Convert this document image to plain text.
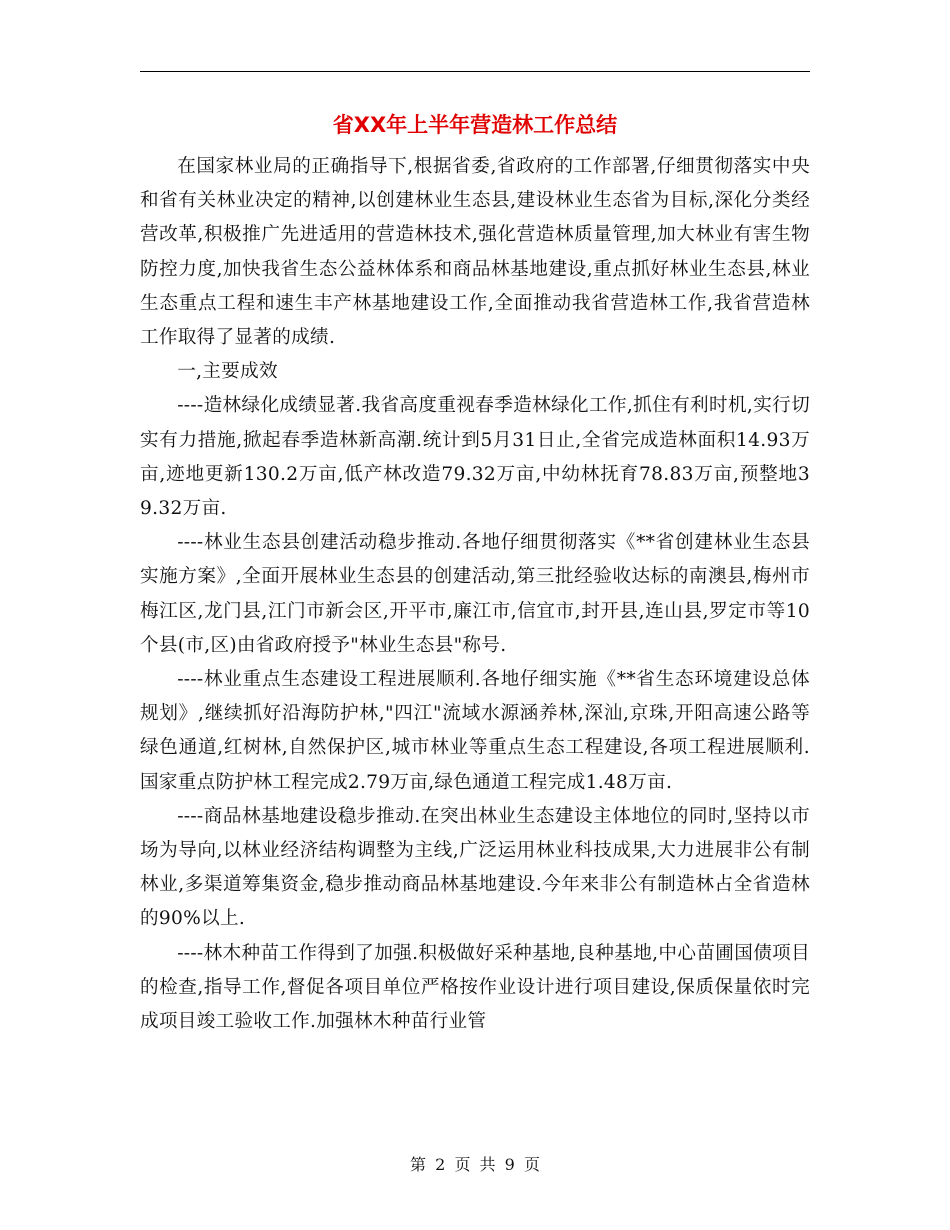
省XX年上半年营造林工作总结

在国家林业局的正确指导下,根据省委,省政府的工作部署,仔细贯彻落实中央和省有关林业决定的精神,以创建林业生态县,建设林业生态省为目标,深化分类经营改革,积极推广先进适用的营造林技术,强化营造林质量管理,加大林业有害生物防控力度,加快我省生态公益林体系和商品林基地建设,重点抓好林业生态县,林业生态重点工程和速生丰产林基地建设工作,全面推动我省营造林工作,我省营造林工作取得了显著的成绩.

一,主要成效

----造林绿化成绩显著.我省高度重视春季造林绿化工作,抓住有利时机,实行切实有力措施,掀起春季造林新高潮.统计到5月31日止,全省完成造林面积14.93万亩,迹地更新130.2万亩,低产林改造79.32万亩,中幼林抚育78.83万亩,预整地39.32万亩.

----林业生态县创建活动稳步推动.各地仔细贯彻落实《**省创建林业生态县实施方案》,全面开展林业生态县的创建活动,第三批经验收达标的南澳县,梅州市梅江区,龙门县,江门市新会区,开平市,廉江市,信宜市,封开县,连山县,罗定市等10个县(市,区)由省政府授予"林业生态县"称号.

----林业重点生态建设工程进展顺利.各地仔细实施《**省生态环境建设总体规划》,继续抓好沿海防护林,"四江"流域水源涵养林,深汕,京珠,开阳高速公路等绿色通道,红树林,自然保护区,城市林业等重点生态工程建设,各项工程进展顺利.国家重点防护林工程完成2.79万亩,绿色通道工程完成1.48万亩.

----商品林基地建设稳步推动.在突出林业生态建设主体地位的同时,坚持以市场为导向,以林业经济结构调整为主线,广泛运用林业科技成果,大力进展非公有制林业,多渠道筹集资金,稳步推动商品林基地建设.今年来非公有制造林占全省造林的90%以上.

----林木种苗工作得到了加强.积极做好采种基地,良种基地,中心苗圃国债项目的检查,指导工作,督促各项目单位严格按作业设计进行项目建设,保质保量依时完成项目竣工验收工作.加强林木种苗行业管

第 2 页 共 9 页
